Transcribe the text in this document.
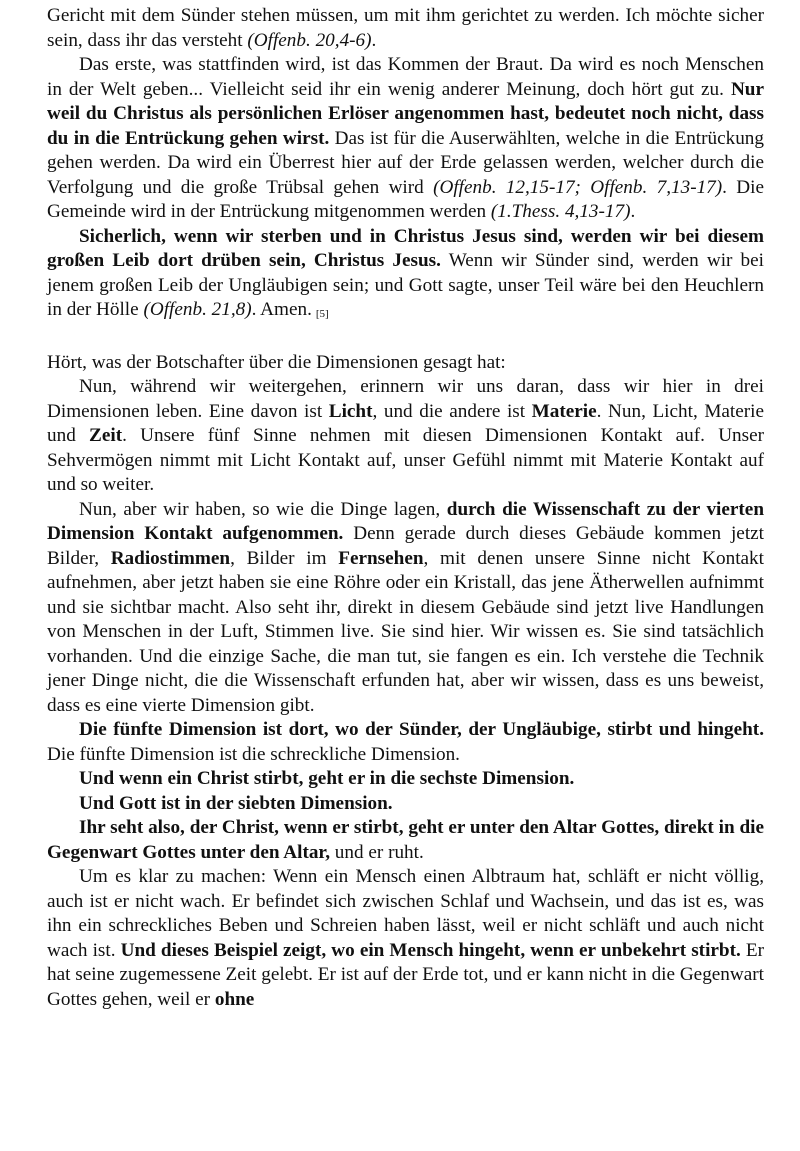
Gericht mit dem Sünder stehen müssen, um mit ihm gerichtet zu werden. Ich möchte sicher sein, dass ihr das versteht (Offenb. 20,4-6).

Das erste, was stattfinden wird, ist das Kommen der Braut. Da wird es noch Menschen in der Welt geben... Vielleicht seid ihr ein wenig anderer Meinung, doch hört gut zu. Nur weil du Christus als persönlichen Erlöser angenommen hast, bedeutet noch nicht, dass du in die Entrückung gehen wirst. Das ist für die Auserwählten, welche in die Entrückung gehen werden. Da wird ein Überrest hier auf der Erde gelassen werden, welcher durch die Verfolgung und die große Trübsal gehen wird (Offenb. 12,15-17; Offenb. 7,13-17). Die Gemeinde wird in der Entrückung mitgenommen werden (1.Thess. 4,13-17).

Sicherlich, wenn wir sterben und in Christus Jesus sind, werden wir bei diesem großen Leib dort drüben sein, Christus Jesus. Wenn wir Sünder sind, werden wir bei jenem großen Leib der Ungläubigen sein; und Gott sagte, unser Teil wäre bei den Heuchlern in der Hölle (Offenb. 21,8). Amen. $_{[5]}$

Hört, was der Botschafter über die Dimensionen gesagt hat:

Nun, während wir weitergehen, erinnern wir uns daran, dass wir hier in drei Dimensionen leben. Eine davon ist Licht, und die andere ist Materie. Nun, Licht, Materie und Zeit. Unsere fünf Sinne nehmen mit diesen Dimensionen Kontakt auf. Unser Sehvermögen nimmt mit Licht Kontakt auf, unser Gefühl nimmt mit Materie Kontakt auf und so weiter.

Nun, aber wir haben, so wie die Dinge lagen, durch die Wissenschaft zu der vierten Dimension Kontakt aufgenommen. Denn gerade durch dieses Gebäude kommen jetzt Bilder, Radiostimmen, Bilder im Fernsehen, mit denen unsere Sinne nicht Kontakt aufnehmen, aber jetzt haben sie eine Röhre oder ein Kristall, das jene Ätherwellen aufnimmt und sie sichtbar macht. Also seht ihr, direkt in diesem Gebäude sind jetzt live Handlungen von Menschen in der Luft, Stimmen live. Sie sind hier. Wir wissen es. Sie sind tatsächlich vorhanden. Und die einzige Sache, die man tut, sie fangen es ein. Ich verstehe die Technik jener Dinge nicht, die die Wissenschaft erfunden hat, aber wir wissen, dass es uns beweist, dass es eine vierte Dimension gibt.

Die fünfte Dimension ist dort, wo der Sünder, der Ungläubige, stirbt und hingeht. Die fünfte Dimension ist die schreckliche Dimension.

Und wenn ein Christ stirbt, geht er in die sechste Dimension.

Und Gott ist in der siebten Dimension.

Ihr seht also, der Christ, wenn er stirbt, geht er unter den Altar Gottes, direkt in die Gegenwart Gottes unter den Altar, und er ruht.

Um es klar zu machen: Wenn ein Mensch einen Albtraum hat, schläft er nicht völlig, auch ist er nicht wach. Er befindet sich zwischen Schlaf und Wachsein, und das ist es, was ihn ein schreckliches Beben und Schreien haben lässt, weil er nicht schläft und auch nicht wach ist. Und dieses Beispiel zeigt, wo ein Mensch hingeht, wenn er unbekehrt stirbt. Er hat seine zugemessene Zeit gelebt. Er ist auf der Erde tot, und er kann nicht in die Gegenwart Gottes gehen, weil er ohne
